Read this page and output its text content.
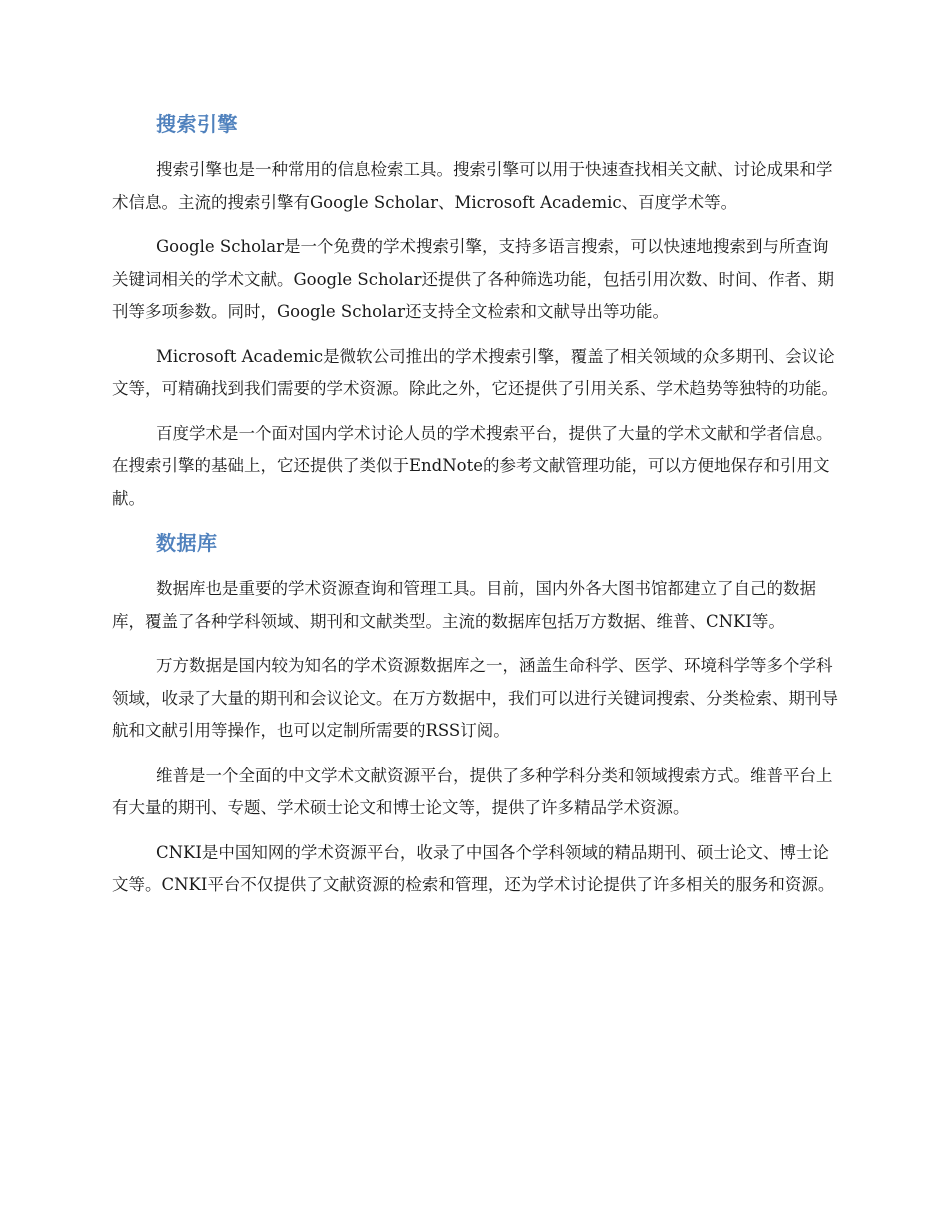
搜索引擎

搜索引擎也是一种常用的信息检索工具。搜索引擎可以用于快速查找相关文献、讨论成果和学术信息。主流的搜索引擎有Google Scholar、Microsoft Academic、百度学术等。

Google Scholar是一个免费的学术搜索引擎，支持多语言搜索，可以快速地搜索到与所查询关键词相关的学术文献。Google Scholar还提供了各种筛选功能，包括引用次数、时间、作者、期刊等多项参数。同时，Google Scholar还支持全文检索和文献导出等功能。

Microsoft Academic是微软公司推出的学术搜索引擎，覆盖了相关领域的众多期刊、会议论文等，可精确找到我们需要的学术资源。除此之外，它还提供了引用关系、学术趋势等独特的功能。

百度学术是一个面对国内学术讨论人员的学术搜索平台，提供了大量的学术文献和学者信息。在搜索引擎的基础上，它还提供了类似于EndNote的参考文献管理功能，可以方便地保存和引用文献。

数据库

数据库也是重要的学术资源查询和管理工具。目前，国内外各大图书馆都建立了自己的数据库，覆盖了各种学科领域、期刊和文献类型。主流的数据库包括万方数据、维普、CNKI等。

万方数据是国内较为知名的学术资源数据库之一，涵盖生命科学、医学、环境科学等多个学科领域，收录了大量的期刊和会议论文。在万方数据中，我们可以进行关键词搜索、分类检索、期刊导航和文献引用等操作，也可以定制所需要的RSS订阅。

维普是一个全面的中文学术文献资源平台，提供了多种学科分类和领域搜索方式。维普平台上有大量的期刊、专题、学术硕士论文和博士论文等，提供了许多精品学术资源。

CNKI是中国知网的学术资源平台，收录了中国各个学科领域的精品期刊、硕士论文、博士论文等。CNKI平台不仅提供了文献资源的检索和管理，还为学术讨论提供了许多相关的服务和资源。
